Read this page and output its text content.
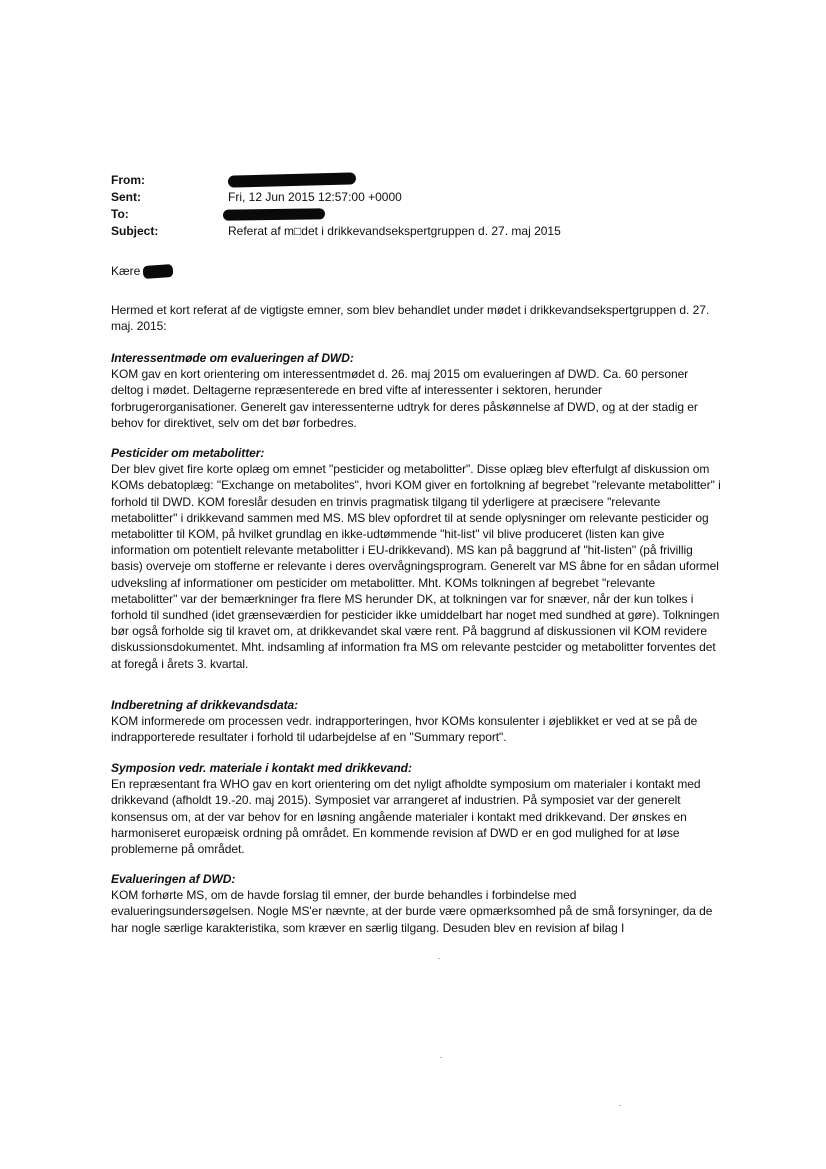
From:
Sent:	Fri, 12 Jun 2015 12:57:00 +0000
To:
Subject:	Referat af m□det i drikkevandsekspertgruppen d. 27. maj 2015
Kære

Hermed et kort referat af de vigtigste emner, som blev behandlet under mødet i drikkevandsekspertgruppen d. 27. maj. 2015:

Interessentmøde om evalueringen af DWD:

KOM gav en kort orientering om interessentmødet d. 26. maj 2015 om evalueringen af DWD. Ca. 60 personer deltog i mødet. Deltagerne repræsenterede en bred vifte af interessenter i sektoren, herunder forbrugerorganisationer. Generelt gav interessenterne udtryk for deres påskønnelse af DWD, og at der stadig er behov for direktivet, selv om det bør forbedres.

Pesticider om metabolitter:

Der blev givet fire korte oplæg om emnet "pesticider og metabolitter". Disse oplæg blev efterfulgt af diskussion om KOMs debatoplæg: "Exchange on metabolites", hvori KOM giver en fortolkning af begrebet "relevante metabolitter" i forhold til DWD. KOM foreslår desuden en trinvis pragmatisk tilgang til yderligere at præcisere "relevante metabolitter" i drikkevand sammen med MS. MS blev opfordret til at sende oplysninger om relevante pesticider og metabolitter til KOM, på hvilket grundlag en ikke-udtømmende "hit-list" vil blive produceret (listen kan give information om potentielt relevante metabolitter i EU-drikkevand). MS kan på baggrund af "hit-listen" (på frivillig basis) overveje om stofferne er relevante i deres overvågningsprogram. Generelt var MS åbne for en sådan uformel udveksling af informationer om pesticider om metabolitter. Mht. KOMs tolkningen af begrebet "relevante metabolitter" var der bemærkninger fra flere MS herunder DK, at tolkningen var for snæver, når der kun tolkes i forhold til sundhed (idet grænseværdien for pesticider ikke umiddelbart har noget med sundhed at gøre). Tolkningen bør også forholde sig til kravet om, at drikkevandet skal være rent. På baggrund af diskussionen vil KOM revidere diskussionsdokumentet. Mht. indsamling af information fra MS om relevante pestcider og metabolitter forventes det at foregå i årets 3. kvartal.

Indberetning af drikkevandsdata:

KOM informerede om processen vedr. indrapporteringen, hvor KOMs konsulenter i øjeblikket er ved at se på de indrapporterede resultater i forhold til udarbejdelse af en "Summary report".

Symposion vedr. materiale i kontakt med drikkevand:

En repræsentant fra WHO gav en kort orientering om det nyligt afholdte symposium om materialer i kontakt med drikkevand (afholdt 19.-20. maj 2015). Symposiet var arrangeret af industrien. På symposiet var der generelt konsensus om, at der var behov for en løsning angående materialer i kontakt med drikkevand. Der ønskes en harmoniseret europæisk ordning på området. En kommende revision af DWD er en god mulighed for at løse problemerne på området.

Evalueringen af DWD:

KOM forhørte MS, om de havde forslag til emner, der burde behandles i forbindelse med evalueringsundersøgelsen. Nogle MS'er nævnte, at der burde være opmærksomhed på de små forsyninger, da de har nogle særlige karakteristika, som kræver en særlig tilgang. Desuden blev en revision af bilag I
